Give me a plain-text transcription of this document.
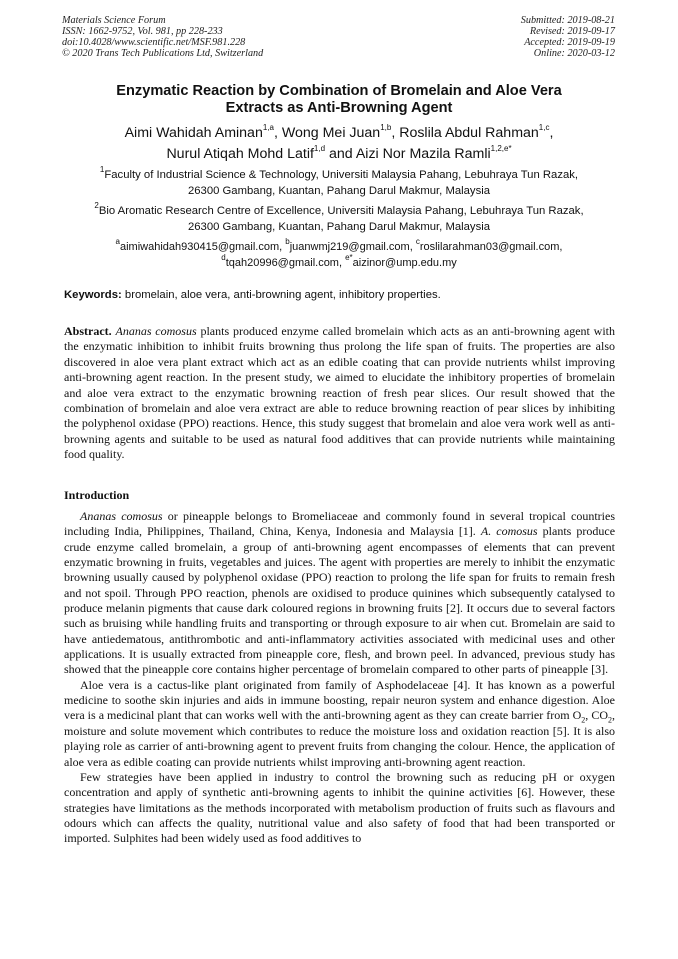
Materials Science Forum
ISSN: 1662-9752, Vol. 981, pp 228-233
doi:10.4028/www.scientific.net/MSF.981.228
© 2020 Trans Tech Publications Ltd, Switzerland
Submitted: 2019-08-21
Revised: 2019-09-17
Accepted: 2019-09-19
Online: 2020-03-12
Enzymatic Reaction by Combination of Bromelain and Aloe Vera
Extracts as Anti-Browning Agent
Aimi Wahidah Aminan$^{1,a}$, Wong Mei Juan$^{1,b}$, Roslila Abdul Rahman$^{1,c}$,
Nurul Atiqah Mohd Latif$^{1,d}$ and Aizi Nor Mazila Ramli$^{1,2,e*}$
$^1$Faculty of Industrial Science & Technology, Universiti Malaysia Pahang, Lebuhraya Tun Razak,
26300 Gambang, Kuantan, Pahang Darul Makmur, Malaysia
$^2$Bio Aromatic Research Centre of Excellence, Universiti Malaysia Pahang, Lebuhraya Tun Razak,
26300 Gambang, Kuantan, Pahang Darul Makmur, Malaysia
$^a$aimiwahidah930415@gmail.com, $^b$juanwmj219@gmail.com, $^c$roslilarahman03@gmail.com,
$^d$tqah20996@gmail.com, $^{e*}$aizinor@ump.edu.my
Keywords: bromelain, aloe vera, anti-browning agent, inhibitory properties.

Abstract. Ananas comosus plants produced enzyme called bromelain which acts as an anti-browning agent with the enzymatic inhibition to inhibit fruits browning thus prolong the life span of fruits. The properties are also discovered in aloe vera plant extract which act as an edible coating that can provide nutrients whilst improving anti-browning agent reaction. In the present study, we aimed to elucidate the inhibitory properties of bromelain and aloe vera extract to the enzymatic browning reaction of fresh pear slices. Our result showed that the combination of bromelain and aloe vera extract are able to reduce browning reaction of pear slices by inhibiting the polyphenol oxidase (PPO) reactions. Hence, this study suggest that bromelain and aloe vera work well as anti-browning agents and suitable to be used as natural food additives that can provide nutrients while maintaining food quality.

Introduction

Ananas comosus or pineapple belongs to Bromeliaceae and commonly found in several tropical countries including India, Philippines, Thailand, China, Kenya, Indonesia and Malaysia [1]. A. comosus plants produce crude enzyme called bromelain, a group of anti-browning agent encompasses of elements that can prevent enzymatic browning in fruits, vegetables and juices. The agent with properties are merely to inhibit the enzymatic browning usually caused by polyphenol oxidase (PPO) reaction to prolong the life span for fruits to remain fresh and not spoil. Through PPO reaction, phenols are oxidised to produce quinines which subsequently catalysed to produce melanin pigments that cause dark coloured regions in browning fruits [2]. It occurs due to several factors such as bruising while handling fruits and transporting or through exposure to air when cut. Bromelain are said to have antiedematous, antithrombotic and anti-inflammatory activities associated with medicinal uses and other applications. It is usually extracted from pineapple core, flesh, and brown peel. In advanced, previous study has showed that the pineapple core contains higher percentage of bromelain compared to other parts of pineapple [3].

Aloe vera is a cactus-like plant originated from family of Asphodelaceae [4]. It has known as a powerful medicine to soothe skin injuries and aids in immune boosting, repair neuron system and enhance digestion. Aloe vera is a medicinal plant that can works well with the anti-browning agent as they can create barrier from $O_2$, $CO_2$, moisture and solute movement which contributes to reduce the moisture loss and oxidation reaction [5]. It is also playing role as carrier of anti-browning agent to prevent fruits from changing the colour. Hence, the application of aloe vera as edible coating can provide nutrients whilst improving anti-browning agent reaction.

Few strategies have been applied in industry to control the browning such as reducing pH or oxygen concentration and apply of synthetic anti-browning agents to inhibit the quinine activities [6]. However, these strategies have limitations as the methods incorporated with metabolism production of fruits such as flavours and odours which can affects the quality, nutritional value and also safety of food that had been transported or imported. Sulphites had been widely used as food additives to
